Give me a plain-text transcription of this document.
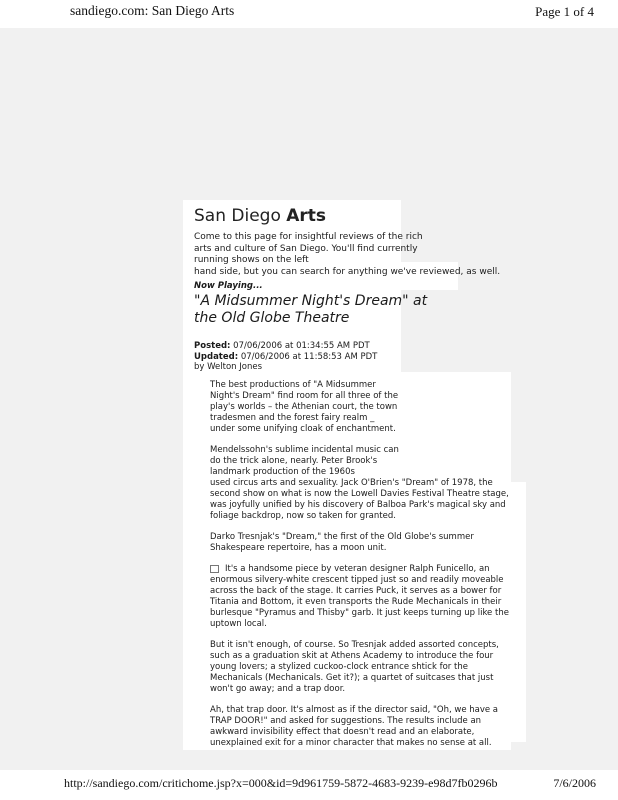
sandiego.com: San Diego Arts	Page 1 of 4
San Diego Arts

Come to this page for insightful reviews of the rich arts and culture of San Diego. You'll find currently running shows on the left

hand side, but you can search for anything we've reviewed, as well.
Now Playing...
"A Midsummer Night's Dream" at the Old Globe Theatre
Posted: 07/06/2006 at 01:34:55 AM PDT
Updated: 07/06/2006 at 11:58:53 AM PDT
by Welton Jones

The best productions of "A Midsummer Night's Dream" find room for all three of the play's worlds – the Athenian court, the town tradesmen and the forest fairy realm _ under some unifying cloak of enchantment.

Mendelssohn's sublime incidental music can do the trick alone, nearly. Peter Brook's landmark production of the 1960s
used circus arts and sexuality. Jack O'Brien's "Dream" of 1978, the second show on what is now the Lowell Davies Festival Theatre stage, was joyfully unified by his discovery of Balboa Park's magical sky and foliage backdrop, now so taken for granted.

Darko Tresnjak's "Dream," the first of the Old Globe's summer Shakespeare repertoire, has a moon unit.

It's a handsome piece by veteran designer Ralph Funicello, an enormous silvery-white crescent tipped just so and readily moveable across the back of the stage. It carries Puck, it serves as a bower for Titania and Bottom, it even transports the Rude Mechanicals in their burlesque "Pyramus and Thisby" garb. It just keeps turning up like the uptown local.

But it isn't enough, of course. So Tresnjak added assorted concepts, such as a graduation skit at Athens Academy to introduce the four young lovers; a stylized cuckoo-clock entrance shtick for the Mechanicals (Mechanicals. Get it?); a quartet of suitcases that just won't go away; and a trap door.

Ah, that trap door. It's almost as if the director said, "Oh, we have a TRAP DOOR!" and asked for suggestions. The results include an awkward invisibility effect that doesn't read and an elaborate, unexplained exit for a minor character that makes no sense at all.

http://sandiego.com/critichome.jsp?x=000&id=9d961759-5872-4683-9239-e98d7fb0296b	7/6/2006
